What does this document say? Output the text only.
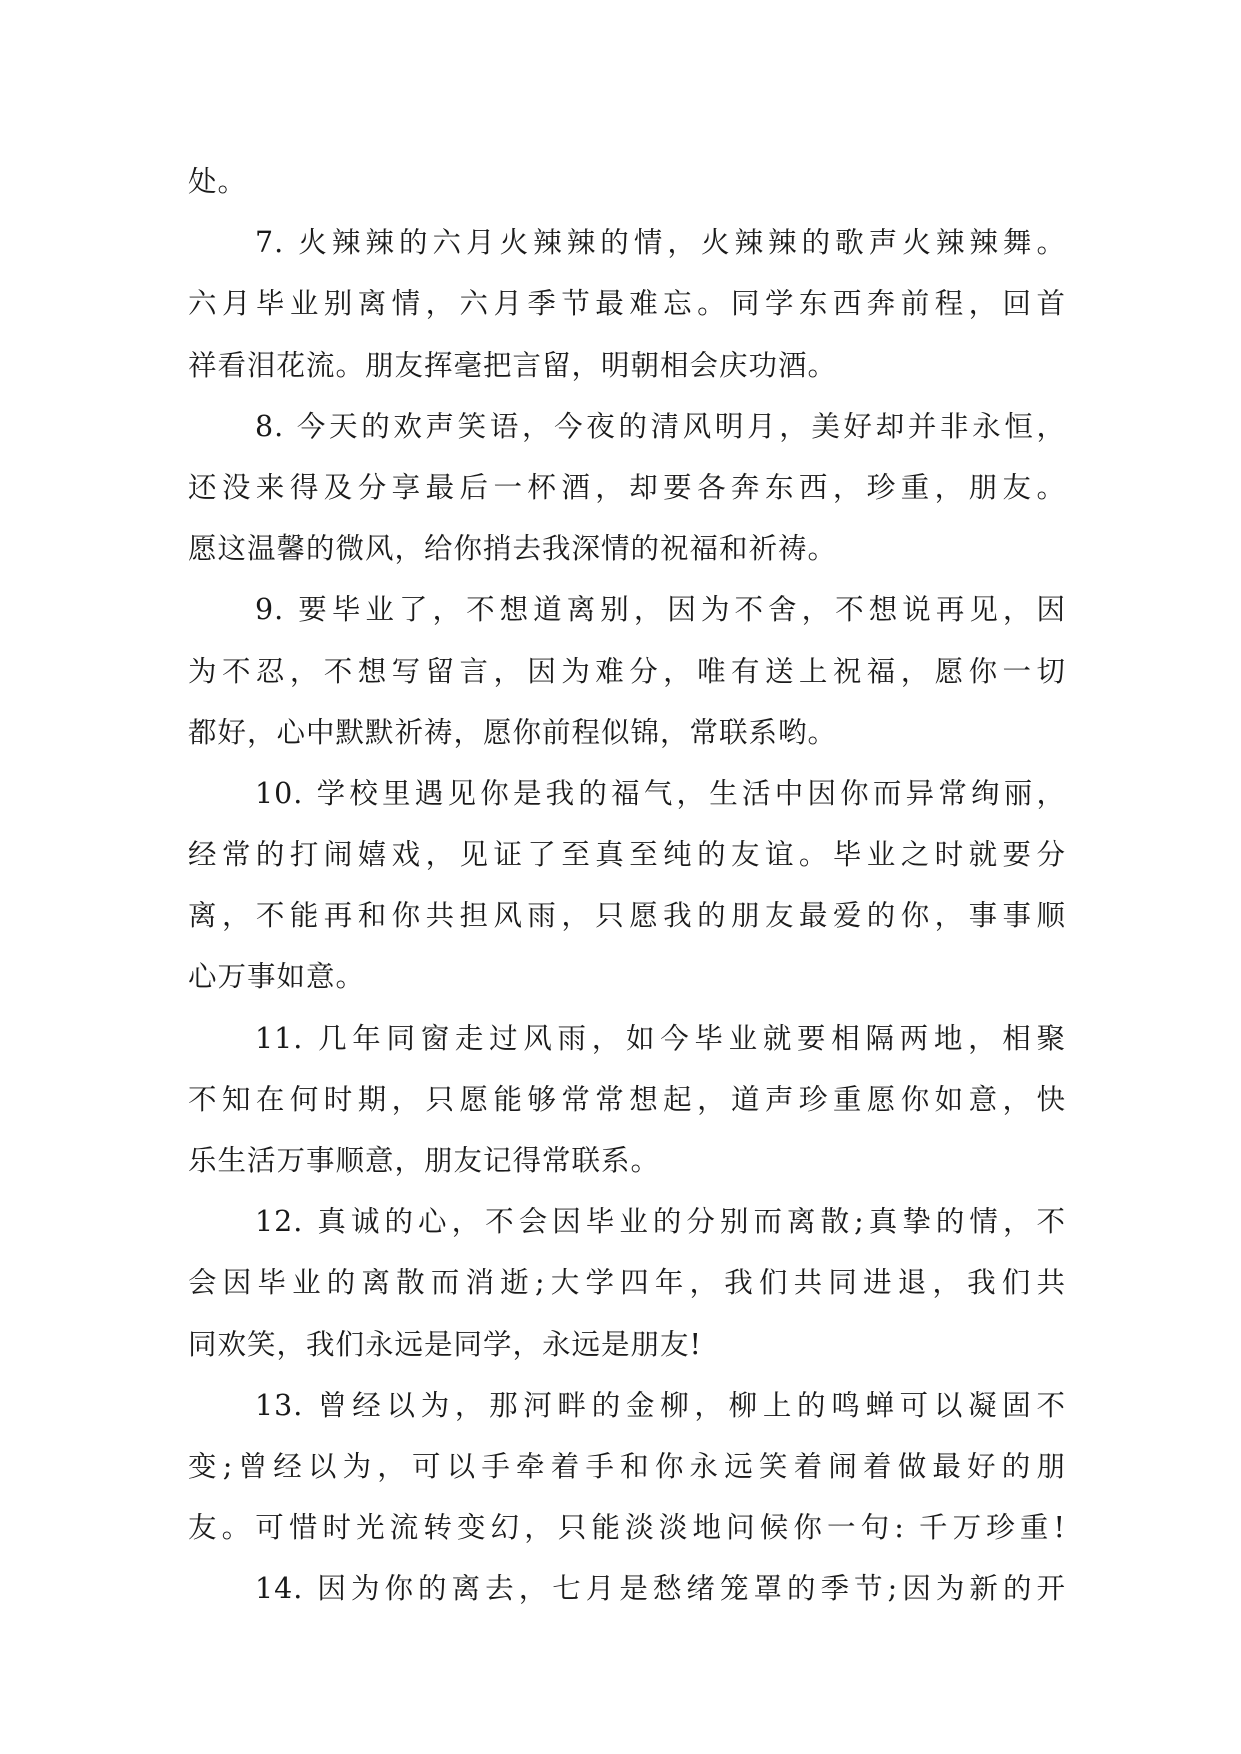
处。
7. 火辣辣的六月火辣辣的情，火辣辣的歌声火辣辣舞。
六月毕业别离情，六月季节最难忘。同学东西奔前程，回首
祥看泪花流。朋友挥毫把言留，明朝相会庆功酒。
8. 今天的欢声笑语，今夜的清风明月，美好却并非永恒，
还没来得及分享最后一杯酒，却要各奔东西，珍重，朋友。
愿这温馨的微风，给你捎去我深情的祝福和祈祷。
9. 要毕业了，不想道离别，因为不舍，不想说再见，因
为不忍，不想写留言，因为难分，唯有送上祝福，愿你一切
都好，心中默默祈祷，愿你前程似锦，常联系哟。
10. 学校里遇见你是我的福气，生活中因你而异常绚丽，
经常的打闹嬉戏，见证了至真至纯的友谊。毕业之时就要分
离，不能再和你共担风雨，只愿我的朋友最爱的你，事事顺
心万事如意。
11. 几年同窗走过风雨，如今毕业就要相隔两地，相聚
不知在何时期，只愿能够常常想起，道声珍重愿你如意，快
乐生活万事顺意，朋友记得常联系。
12. 真诚的心，不会因毕业的分别而离散;真挚的情，不
会因毕业的离散而消逝;大学四年，我们共同进退，我们共
同欢笑，我们永远是同学，永远是朋友!
13. 曾经以为，那河畔的金柳，柳上的鸣蝉可以凝固不
变;曾经以为，可以手牵着手和你永远笑着闹着做最好的朋
友。可惜时光流转变幻，只能淡淡地问候你一句: 千万珍重!
14. 因为你的离去，七月是愁绪笼罩的季节;因为新的开
